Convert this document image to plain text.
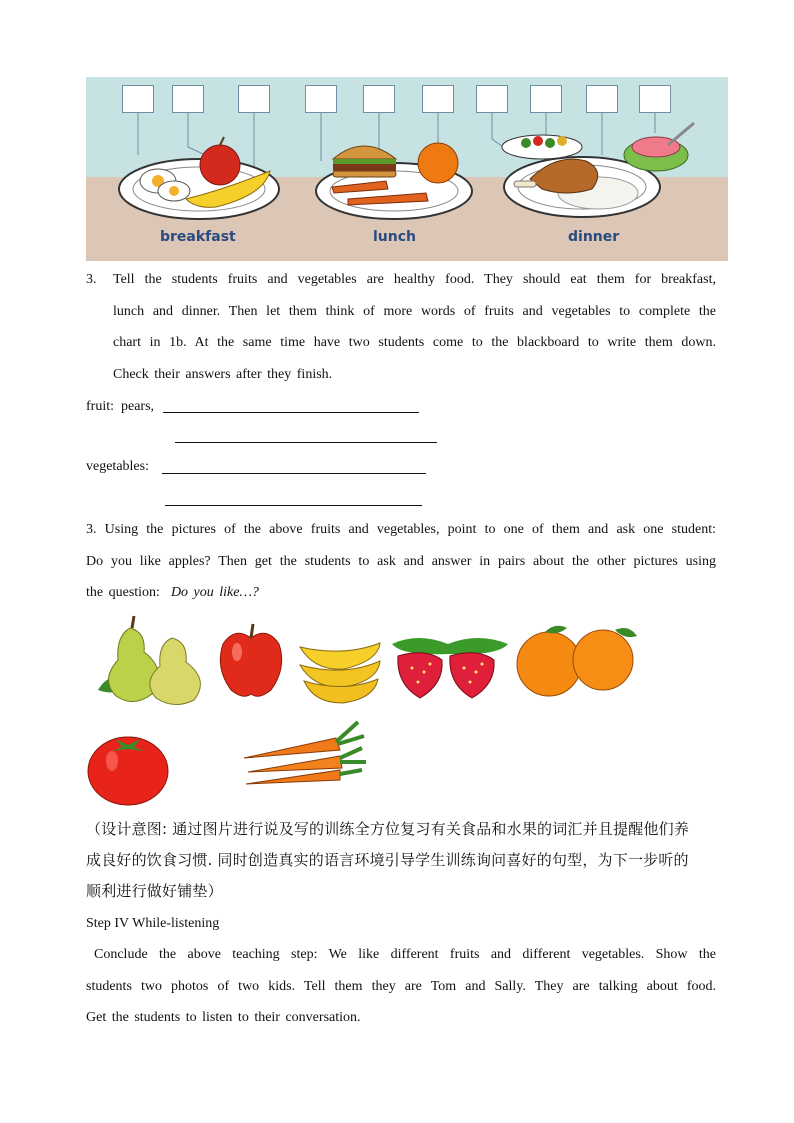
breakfast	lunch	dinner
3. Tell the students fruits and vegetables are healthy food. They should eat them for breakfast,

lunch and dinner. Then let them think of more words of fruits and vegetables to complete the

chart in 1b. At the same time have two students come to the blackboard to write them down.

Check their answers after they finish.

fruit: pears,
vegetables:

3. Using the pictures of the above fruits and vegetables, point to one of them and ask one student:

Do you like apples? Then get the students to ask and answer in pairs about the other pictures using

the question: Do you like…?

（设计意图: 通过图片进行说及写的训练全方位复习有关食品和水果的词汇并且提醒他们养

成良好的饮食习惯. 同时创造真实的语言环境引导学生训练询问喜好的句型，为下一步听的

顺利进行做好铺垫）

Step IV While-listening

Conclude the above teaching step: We like different fruits and different vegetables. Show the

students two photos of two kids. Tell them they are Tom and Sally. They are talking about food.

Get the students to listen to their conversation.
